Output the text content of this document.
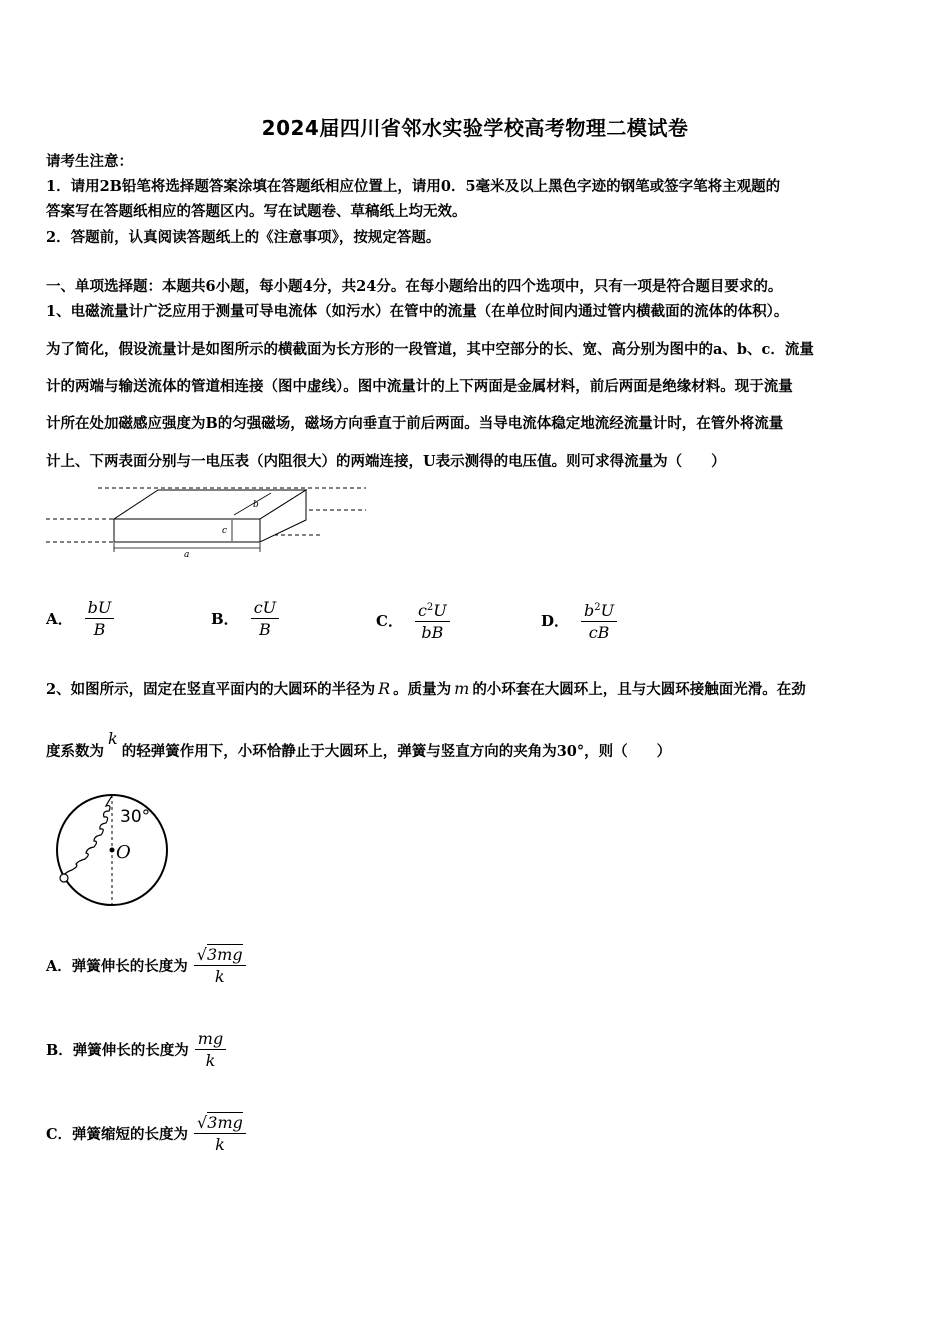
2024届四川省邻水实验学校高考物理二模试卷
请考生注意：
1．请用2B铅笔将选择题答案涂填在答题纸相应位置上，请用0．5毫米及以上黑色字迹的钢笔或签字笔将主观题的
答案写在答题纸相应的答题区内。写在试题卷、草稿纸上均无效。
2．答题前，认真阅读答题纸上的《注意事项》，按规定答题。
一、单项选择题：本题共6小题，每小题4分，共24分。在每小题给出的四个选项中，只有一项是符合题目要求的。
1、电磁流量计广泛应用于测量可导电流体（如污水）在管中的流量（在单位时间内通过管内横截面的流体的体积）。
为了简化，假设流量计是如图所示的横截面为长方形的一段管道，其中空部分的长、宽、高分别为图中的a、b、c．流量
计的两端与输送流体的管道相连接（图中虚线）。图中流量计的上下两面是金属材料，前后两面是绝缘材料。现于流量
计所在处加磁感应强度为B的匀强磁场，磁场方向垂直于前后两面。当导电流体稳定地流经流量计时，在管外将流量
计上、下两表面分别与一电压表（内阻很大）的两端连接，U表示测得的电压值。则可求得流量为（　　）
b
c
a
A． $\frac{bU}{B}$	B． $\frac{cU}{B}$	C． $\frac{c^2U}{bB}$	D． $\frac{b^2U}{cB}$
2、如图所示，固定在竖直平面内的大圆环的半径为 R 。质量为 m 的小环套在大圆环上，且与大圆环接触面光滑。在劲
度系数为k的轻弹簧作用下，小环恰静止于大圆环上，弹簧与竖直方向的夹角为30°，则（　　）
30°
O
A． 弹簧伸长的长度为 $\frac{√3mg}{k}$
B． 弹簧伸长的长度为 $\frac{mg}{k}$
C． 弹簧缩短的长度为 $\frac{√3mg}{k}$
